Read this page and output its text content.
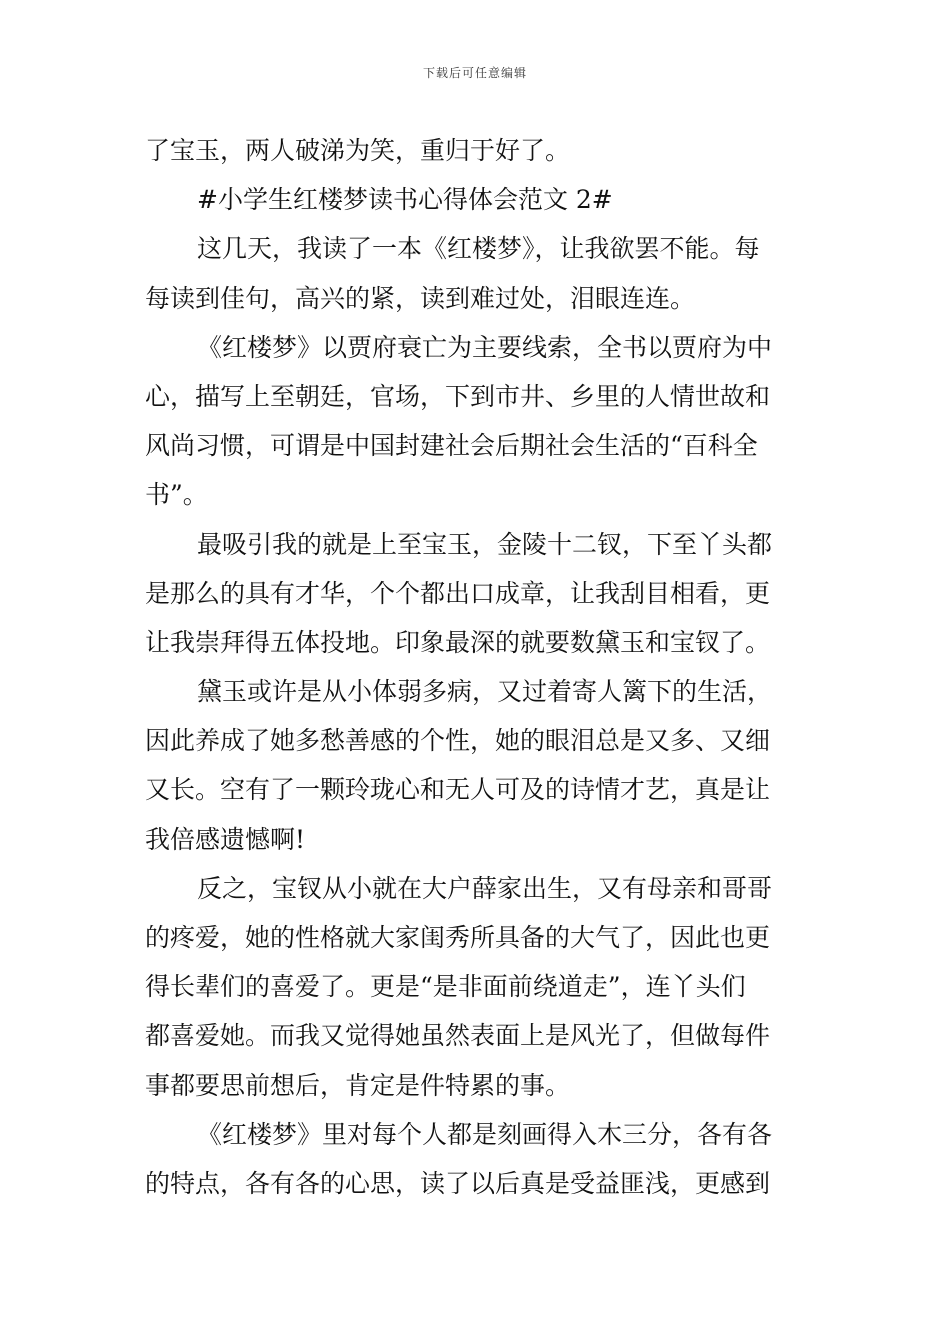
下载后可任意编辑
了宝玉，两人破涕为笑，重归于好了。
#小学生红楼梦读书心得体会范文 2#
这几天，我读了一本《红楼梦》，让我欲罢不能。每
每读到佳句，高兴的紧，读到难过处，泪眼连连。
《红楼梦》以贾府衰亡为主要线索，全书以贾府为中
心，描写上至朝廷，官场，下到市井、乡里的人情世故和
风尚习惯，可谓是中国封建社会后期社会生活的“百科全
书”。
最吸引我的就是上至宝玉，金陵十二钗，下至丫头都
是那么的具有才华，个个都出口成章，让我刮目相看，更
让我崇拜得五体投地。印象最深的就要数黛玉和宝钗了。
黛玉或许是从小体弱多病，又过着寄人篱下的生活，
因此养成了她多愁善感的个性，她的眼泪总是又多、又细
又长。空有了一颗玲珑心和无人可及的诗情才艺，真是让
我倍感遗憾啊!
反之，宝钗从小就在大户薛家出生，又有母亲和哥哥
的疼爱，她的性格就大家闺秀所具备的大气了，因此也更
得长辈们的喜爱了。更是“是非面前绕道走”，连丫头们
都喜爱她。而我又觉得她虽然表面上是风光了，但做每件
事都要思前想后，肯定是件特累的事。
《红楼梦》里对每个人都是刻画得入木三分，各有各
的特点，各有各的心思，读了以后真是受益匪浅，更感到
